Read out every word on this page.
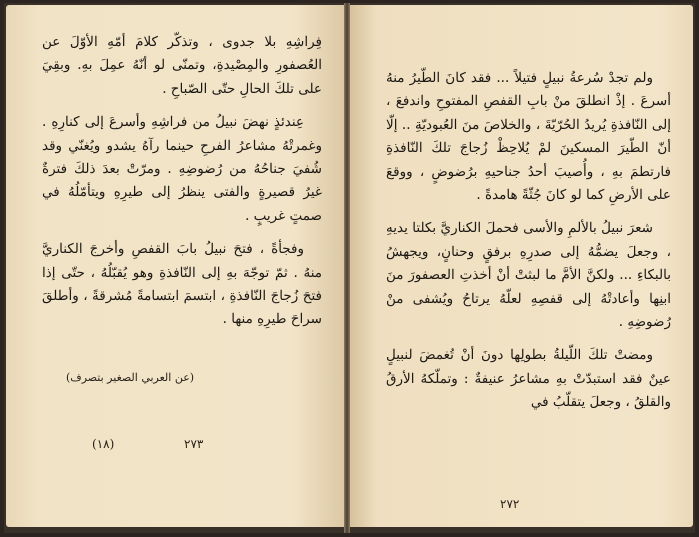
فِراشِهِ بلا جدوى ، وتذكّر كلامَ أمّهِ الأوّلَ عن العُصفورِ والمِصْيدةِ، وتمنّى لو أنّهُ عمِلَ بهِ. وبقِيَ على تلكَ الحالِ حتّى الصّباحِ .

عِندئذٍ نهضَ نبيلُ من فراشِهِ وأسرعَ إلى كنارِهِ . وغمرتْهُ مشاعرُ الفرحِ حينما رآهُ يشدو ويُغنّي وقد شُفيَ جناحُهُ من رُضوضِهِ . ومرّتْ بعدَ ذلكَ فترةٌ غيرُ قصيرةٍ والفتى ينظرُ إلى طيرِهِ ويتأمّلُهُ في صمتٍ غريبٍ .

وفجأةً ، فتحَ نبيلُ بابَ القفصِ وأخرجَ الكناريَّ منهُ . ثمّ توجّهَ بهِ إلى النّافذةِ وهو يُقبّلُهُ ، حتّى إذا فتحَ زُجاجَ النّافذةِ ، ابتسمَ ابتسامةً مُشرقةً ، وأطلقَ سراحَ طيرِهِ منها .

(عن العربي الصغير بتصرف)
(١٨)	٢٧٣

ولم تجدْ سُرعةُ نبيلٍ فتيلاً ... فقد كانَ الطّيرُ منهُ أسرعَ . إذْ انطلقَ منْ بابِ القفصِ المفتوحِ واندفعَ ، إلى النّافذةِ يُريدُ الحُرّيّةَ ، والخلاصَ منَ العُبوديّةِ .. إلّا أنّ الطّيرَ المسكينَ لمْ يُلاحِظْ زُجاجَ تلكَ النّافذةِ فارتطمَ بهِ ، وأُصيبَ أحدُ جناحيهِ برُضوضٍ ، ووقعَ على الأرضِ كما لو كانَ جُثّةً هامدةً .

شعرَ نبيلُ بالألمِ والأسى فحملَ الكناريَّ بكلتا يديهِ ، وجعلَ يضمُّهُ إلى صدرِهِ برفقٍ وحنانٍ، ويجهشُ بالبكاءِ ... ولكنَّ الأمَّ ما لبثتْ أنْ أخذتِ العصفورَ منَ ابنِها وأعادتْهُ إلى قفصِهِ لعلّهُ يرتاحُ ويُشفى منْ رُضوضِهِ .

ومضتْ تلكَ اللّيلةُ بطولِها دونَ أنْ تُغمضَ لنبيلٍ عينٌ فقد استبدّتْ بهِ مشاعرُ عنيفةٌ : وتملّكهُ الأرقُ والقلقُ ، وجعلَ يتقلّبُ في

٢٧٢
